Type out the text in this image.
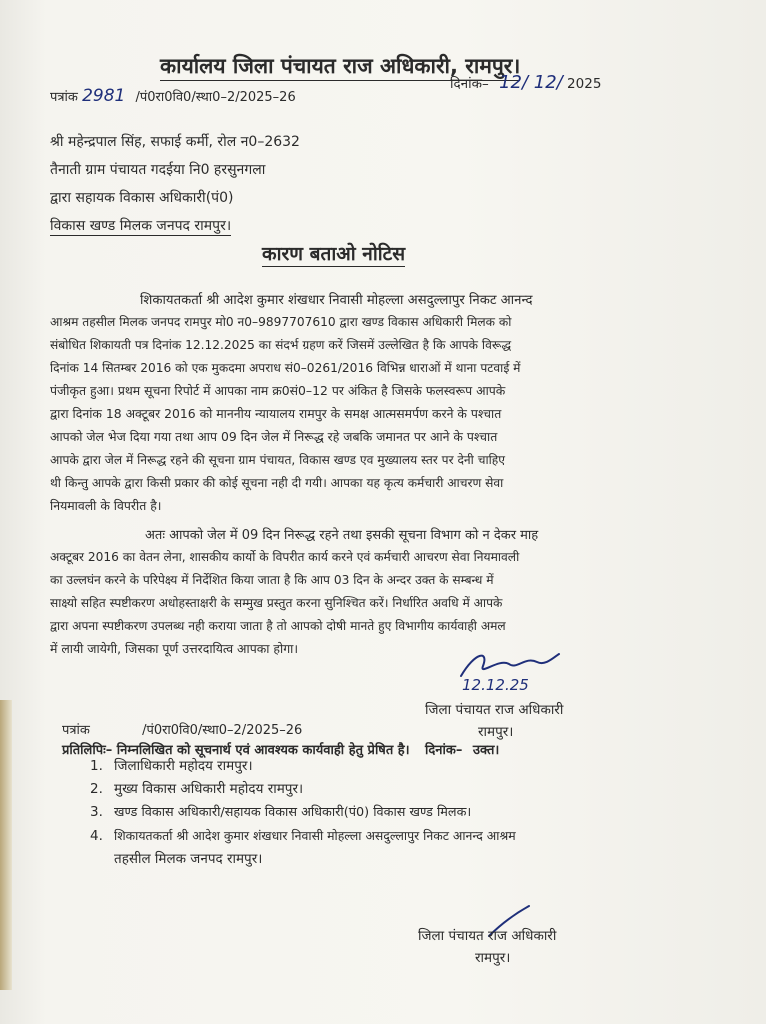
कार्यालय जिला पंचायत राज अधिकारी, रामपुर।
पत्रांक 2981 /पं0रा0वि0/स्था0–2/2025–26
दिनांक– 12/ 12/ 2025
श्री महेन्द्रपाल सिंह, सफाई कर्मी, रोल न0–2632
तैनाती ग्राम पंचायत गदईया नि0 हरसुनगला
द्वारा सहायक विकास अधिकारी(पं0)
विकास खण्ड मिलक जनपद रामपुर।
कारण बताओ नोटिस
शिकायतकर्ता श्री आदेश कुमार शंखधार निवासी मोहल्ला असदुल्लापुर निकट आनन्द
आश्रम तहसील मिलक जनपद रामपुर मो0 न0–9897707610 द्वारा खण्ड विकास अधिकारी मिलक को
संबोधित शिकायती पत्र दिनांक 12.12.2025 का संदर्भ ग्रहण करें जिसमें उल्लेखित है कि आपके विरूद्ध
दिनांक 14 सितम्बर 2016 को एक मुकदमा अपराध सं0–0261/2016 विभिन्न धाराओं में थाना पटवाई में
पंजीकृत हुआ। प्रथम सूचना रिपोर्ट में आपका नाम क्र0सं0–12 पर अंकित है जिसके फलस्वरूप आपके
द्वारा दिनांक 18 अक्टूबर 2016 को माननीय न्यायालय रामपुर के समक्ष आत्मसमर्पण करने के पश्चात
आपको जेल भेज दिया गया तथा आप 09 दिन जेल में निरूद्ध रहे जबकि जमानत पर आने के पश्चात
आपके द्वारा जेल में निरूद्ध रहने की सूचना ग्राम पंचायत, विकास खण्ड एव मुख्यालय स्तर पर देनी चाहिए
थी किन्तु आपके द्वारा किसी प्रकार की कोई सूचना नही दी गयी। आपका यह कृत्य कर्मचारी आचरण सेवा
नियमावली के विपरीत है।
अतः आपको जेल में 09 दिन निरूद्ध रहने तथा इसकी सूचना विभाग को न देकर माह
अक्टूबर 2016 का वेतन लेना, शासकीय कार्यो के विपरीत कार्य करने एवं कर्मचारी आचरण सेवा नियमावली
का उल्लघंन करने के परिपेक्ष्य में निर्देशित किया जाता है कि आप 03 दिन के अन्दर उक्त के सम्बन्ध में
साक्ष्यो सहित स्पष्टीकरण अधोहस्ताक्षरी के सम्मुख प्रस्तुत करना सुनिश्चित करें। निर्धारित अवधि में आपके
द्वारा अपना स्पष्टीकरण उपलब्ध नही कराया जाता है तो आपको दोषी मानते हुए विभागीय कार्यवाही अमल
में लायी जायेगी, जिसका पूर्ण उत्तरदायित्व आपका होगा।
12.12.25
जिला पंचायत राज अधिकारी
रामपुर।
पत्रांक	/पं0रा0वि0/स्था0–2/2025–26
दिनांक– उक्त।
प्रतिलिपिः– निम्नलिखित को सूचनार्थ एवं आवश्यक कार्यवाही हेतु प्रेषित है।
1. जिलाधिकारी महोदय रामपुर।
2. मुख्य विकास अधिकारी महोदय रामपुर।
3. खण्ड विकास अधिकारी/सहायक विकास अधिकारी(पं0) विकास खण्ड मिलक।
4. शिकायतकर्ता श्री आदेश कुमार शंखधार निवासी मोहल्ला असदुल्लापुर निकट आनन्द आश्रम
तहसील मिलक जनपद रामपुर।
जिला पंचायत राज अधिकारी
रामपुर।
